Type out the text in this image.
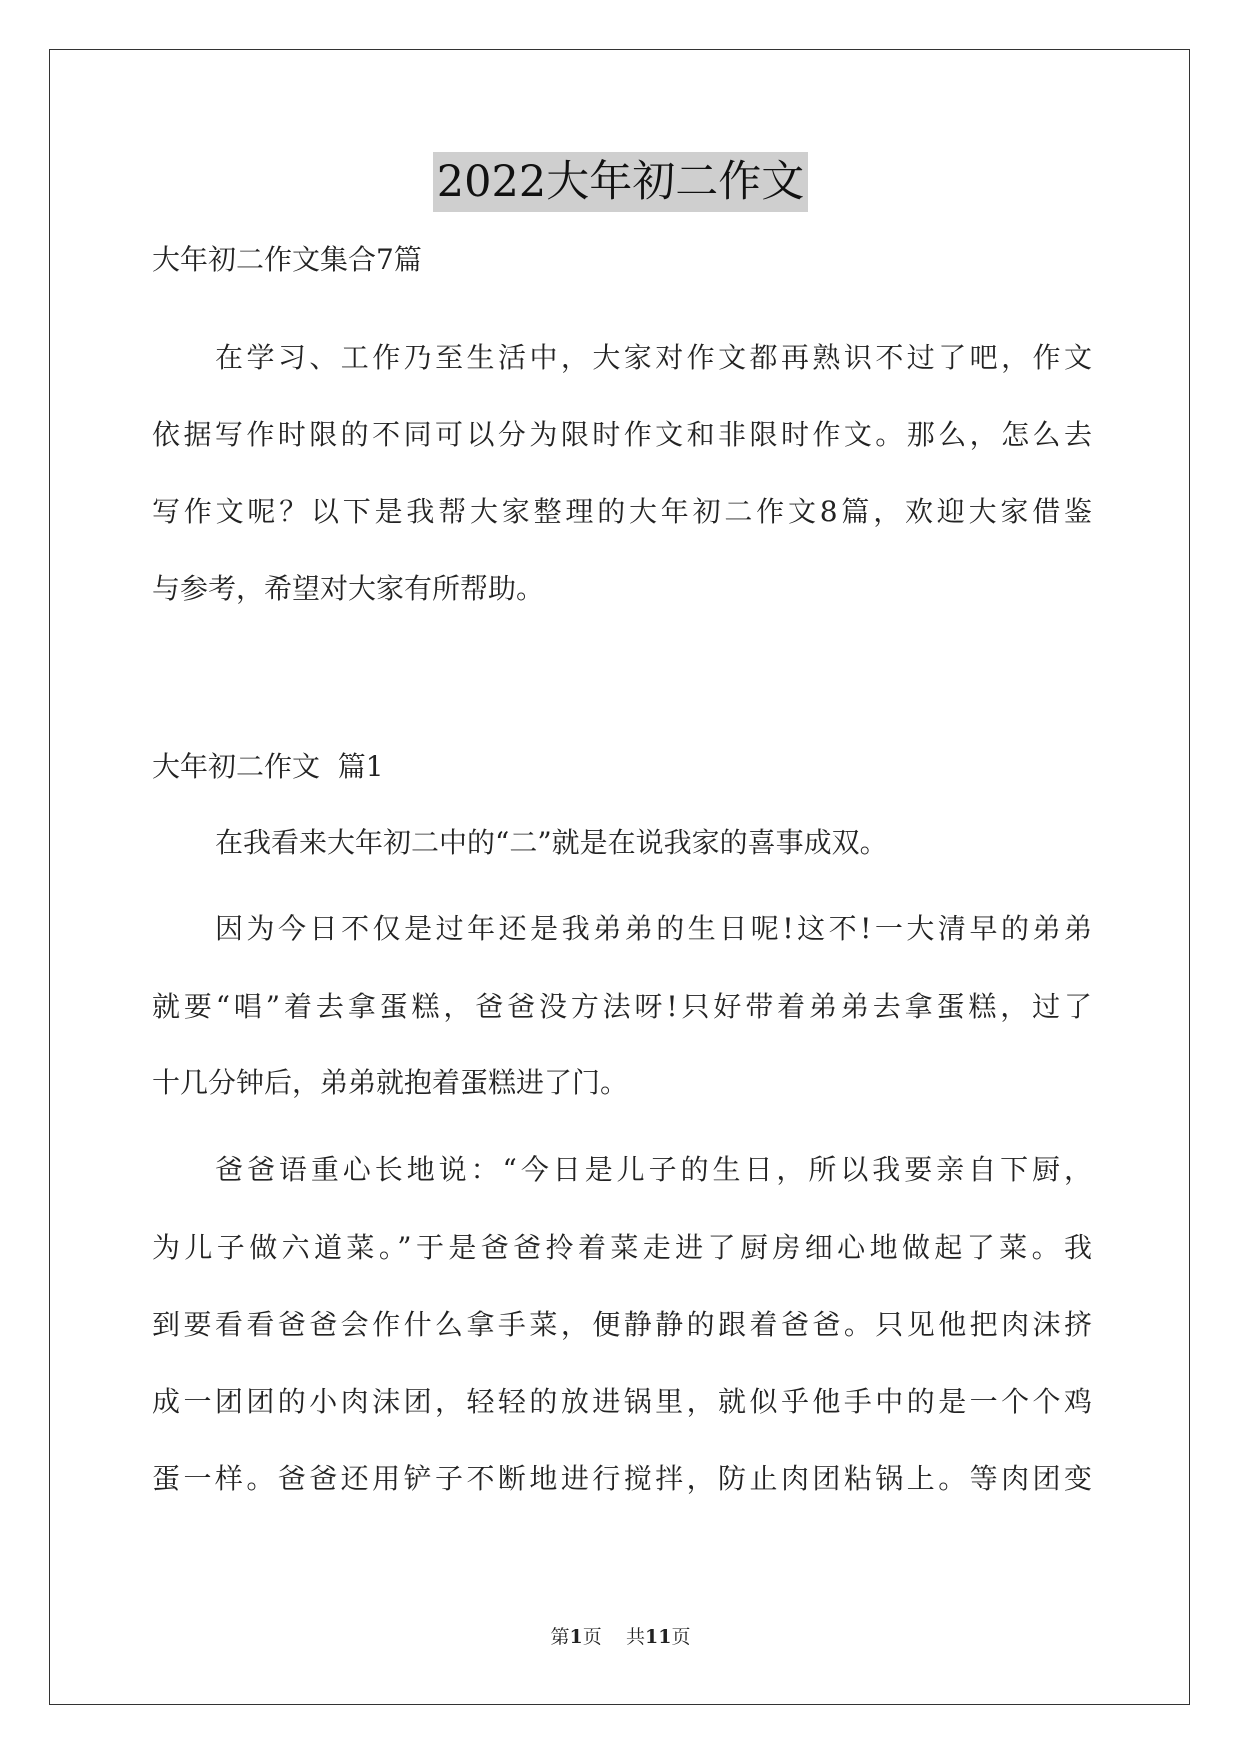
2022大年初二作文

大年初二作文集合7篇

在学习、工作乃至生活中，大家对作文都再熟识不过了吧，作文

依据写作时限的不同可以分为限时作文和非限时作文。那么，怎么去

写作文呢？以下是我帮大家整理的大年初二作文8篇，欢迎大家借鉴

与参考，希望对大家有所帮助。

大年初二作文  篇1

在我看来大年初二中的“二”就是在说我家的喜事成双。

因为今日不仅是过年还是我弟弟的生日呢!这不!一大清早的弟弟

就要“唱”着去拿蛋糕，爸爸没方法呀!只好带着弟弟去拿蛋糕，过了

十几分钟后，弟弟就抱着蛋糕进了门。

爸爸语重心长地说：“今日是儿子的生日，所以我要亲自下厨，

为儿子做六道菜。”于是爸爸拎着菜走进了厨房细心地做起了菜。我

到要看看爸爸会作什么拿手菜，便静静的跟着爸爸。只见他把肉沫挤

成一团团的小肉沫团，轻轻的放进锅里，就似乎他手中的是一个个鸡

蛋一样。爸爸还用铲子不断地进行搅拌，防止肉团粘锅上。等肉团变

第1页 共11页
